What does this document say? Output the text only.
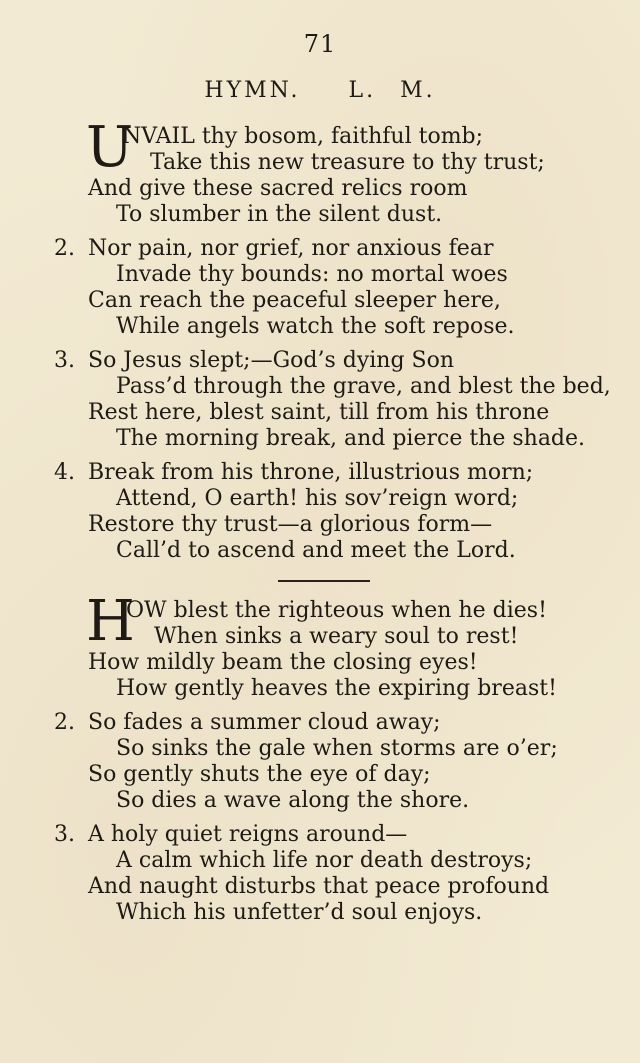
71
HYMN. L. M.
U
NVAIL thy bosom, faithful tomb;
Take this new treasure to thy trust;
And give these sacred relics room
To slumber in the silent dust.
2. Nor pain, nor grief, nor anxious fear
Invade thy bounds: no mortal woes
Can reach the peaceful sleeper here,
While angels watch the soft repose.
3. So Jesus slept;—God’s dying Son
Pass’d through the grave, and blest the bed,
Rest here, blest saint, till from his throne
The morning break, and pierce the shade.
4. Break from his throne, illustrious morn;
Attend, O earth! his sov’reign word;
Restore thy trust—a glorious form—
Call’d to ascend and meet the Lord.
H
OW blest the righteous when he dies!
When sinks a weary soul to rest!
How mildly beam the closing eyes!
How gently heaves the expiring breast!
2. So fades a summer cloud away;
So sinks the gale when storms are o’er;
So gently shuts the eye of day;
So dies a wave along the shore.
3. A holy quiet reigns around—
A calm which life nor death destroys;
And naught disturbs that peace profound
Which his unfetter’d soul enjoys.
